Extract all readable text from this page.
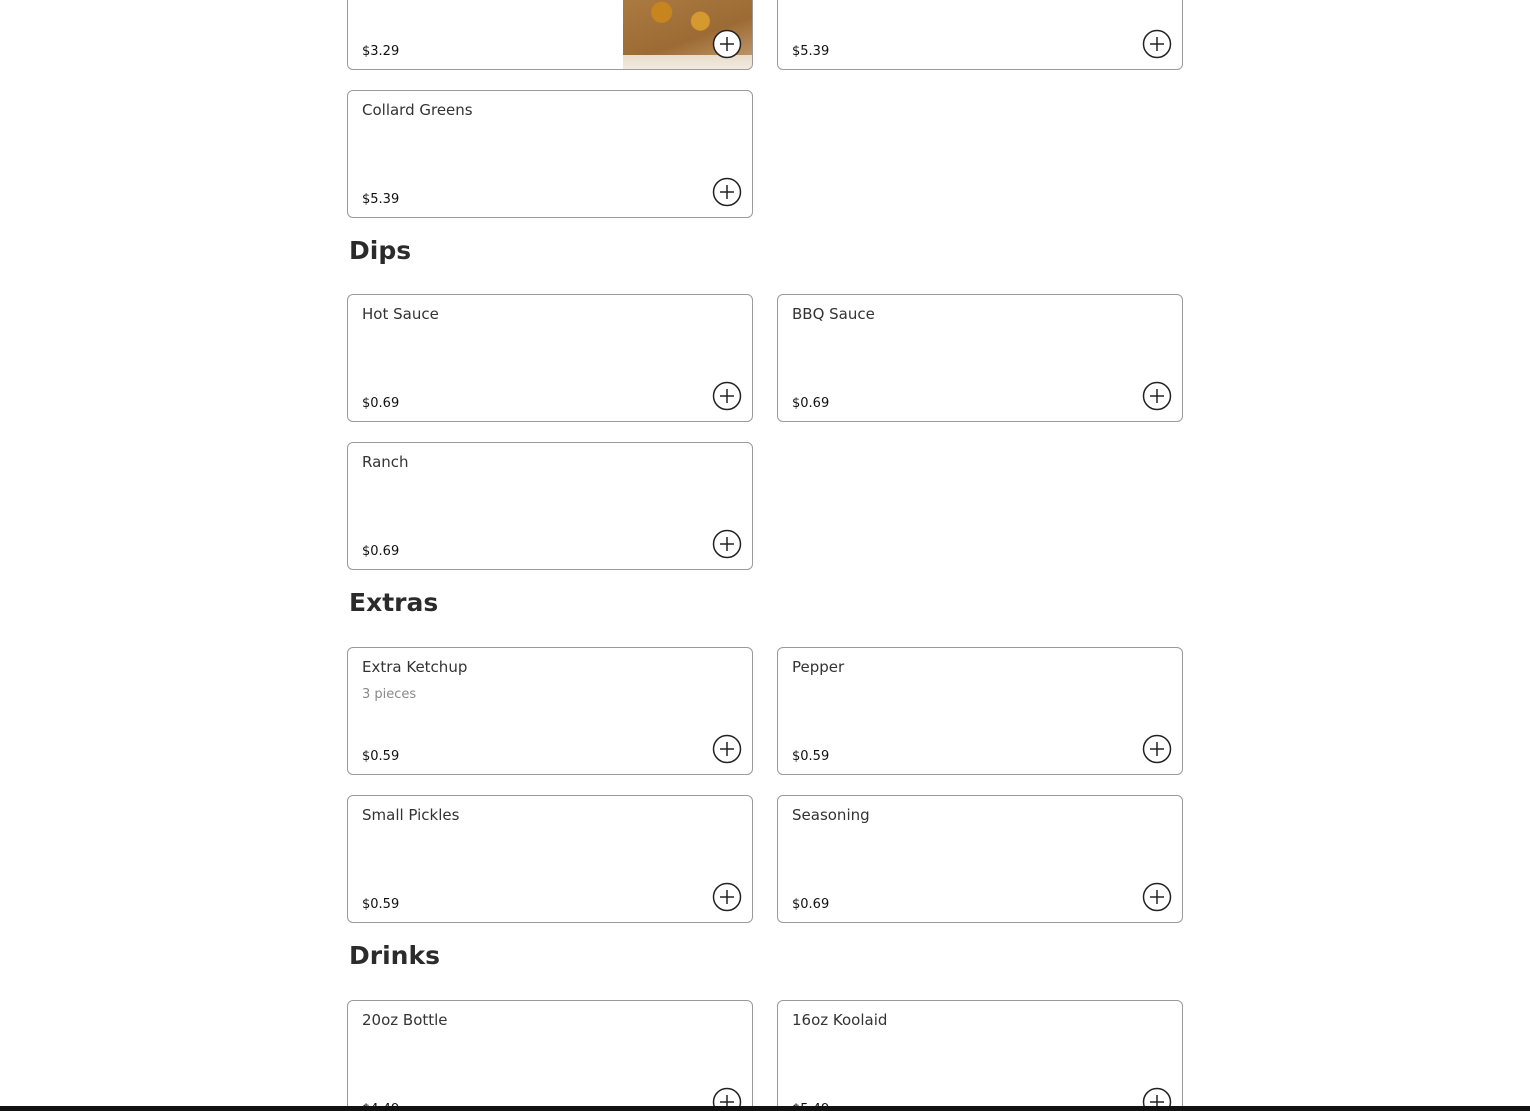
$3.29	$5.39
Collard Greens
$5.39
Dips
Hot Sauce
$0.69
BBQ Sauce
$0.69
Ranch
$0.69
Extras
Extra Ketchup
3 pieces
$0.59
Pepper
$0.59
Small Pickles
$0.59
Seasoning
$0.69
Drinks
20oz Bottle	16oz Koolaid
